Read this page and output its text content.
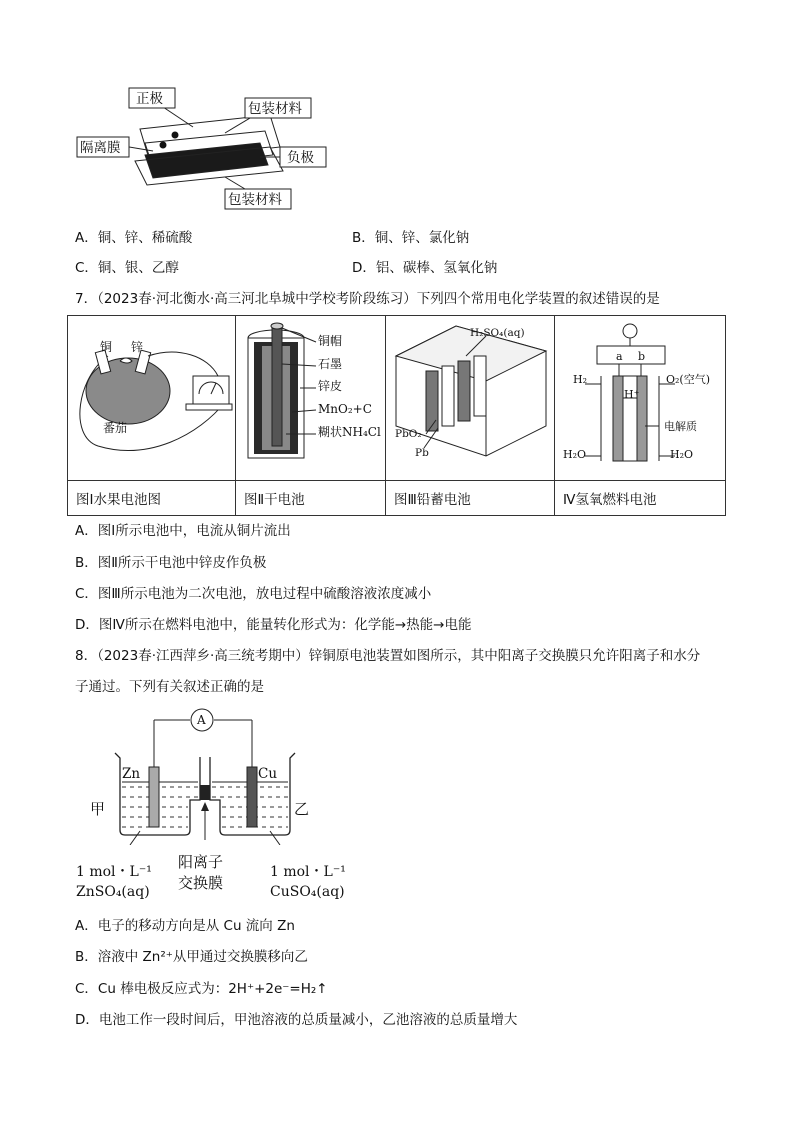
正极
包装材料
隔离膜
负极
包装材料
A．铜、锌、稀硫酸	B．铜、锌、氯化钠
C．铜、银、乙醇	D．铝、碳棒、氢氧化钠
7．（2023春·河北衡水·高三河北阜城中学校考阶段练习）下列四个常用电化学装置的叙述错误的是

图Ⅰ水果电池图	图Ⅱ干电池	图Ⅲ铅蓄电池	Ⅳ氢氧燃料电池
铜 锌
番茄
铜帽
石墨
锌皮
MnO₂+C
糊状NH₄Cl
H₂SO₄(aq)
PbO₂
Pb
a b
H₂	O₂(空气)
H⁺
电解质
H₂O	H₂O
A．图Ⅰ所示电池中，电流从铜片流出
B．图Ⅱ所示干电池中锌皮作负极
C．图Ⅲ所示电池为二次电池，放电过程中硫酸溶液浓度减小
D．图Ⅳ所示在燃料电池中，能量转化形式为：化学能→热能→电能
8．（2023春·江西萍乡·高三统考期中）锌铜原电池装置如图所示，其中阳离子交换膜只允许阳离子和水分
子通过。下列有关叙述正确的是
A
Zn	Cu
甲	乙
1 mol・L⁻¹
ZnSO₄(aq)
阳离子
交换膜
1 mol・L⁻¹
CuSO₄(aq)
A．电子的移动方向是从 Cu 流向 Zn
B．溶液中 Zn²⁺从甲通过交换膜移向乙
C．Cu 棒电极反应式为：2H⁺+2e⁻=H₂↑
D．电池工作一段时间后，甲池溶液的总质量减小，乙池溶液的总质量增大
